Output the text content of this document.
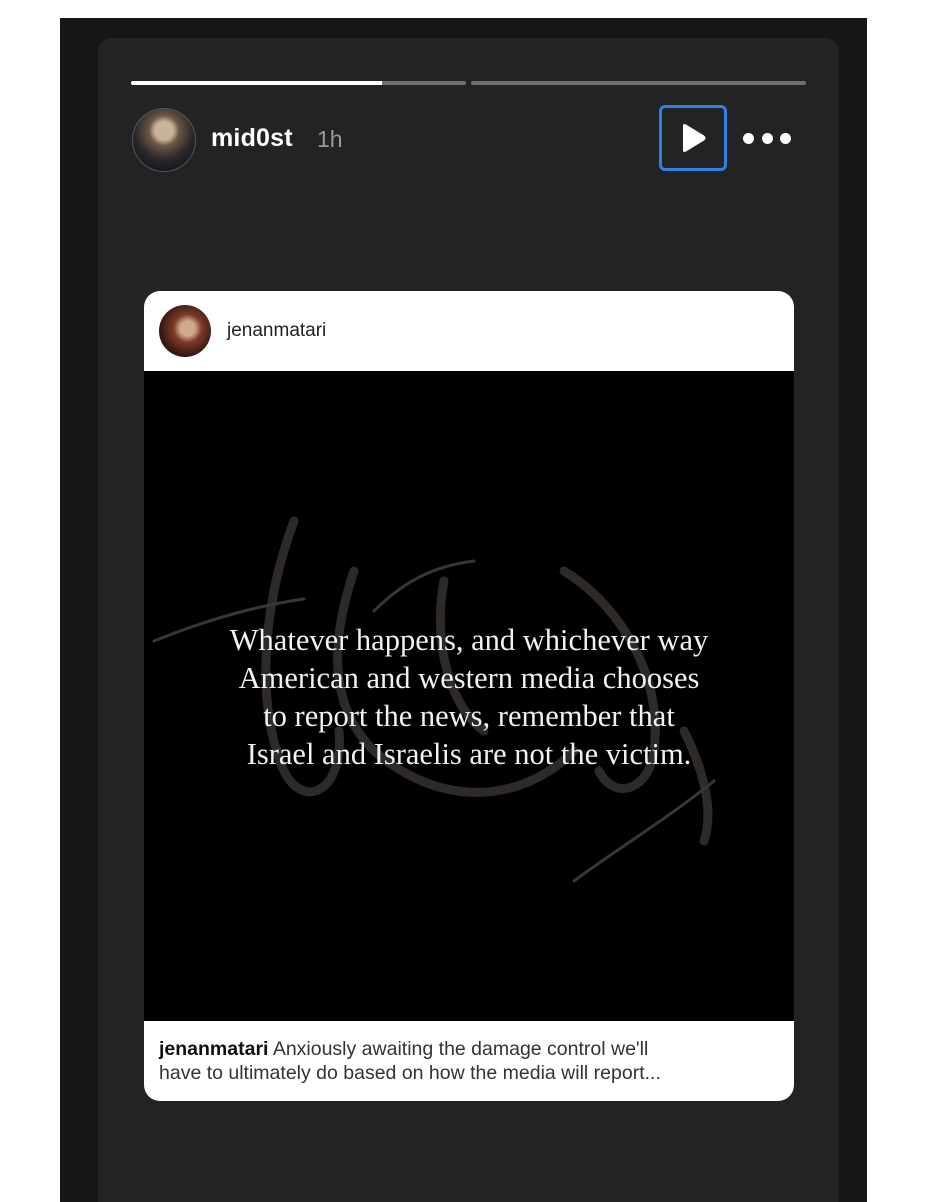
mid0st 1h
jenanmatari
Whatever happens, and whichever way
American and western media chooses
to report the news, remember that
Israel and Israelis are not the victim.
jenanmatari Anxiously awaiting the damage control we'll
have to ultimately do based on how the media will report...
